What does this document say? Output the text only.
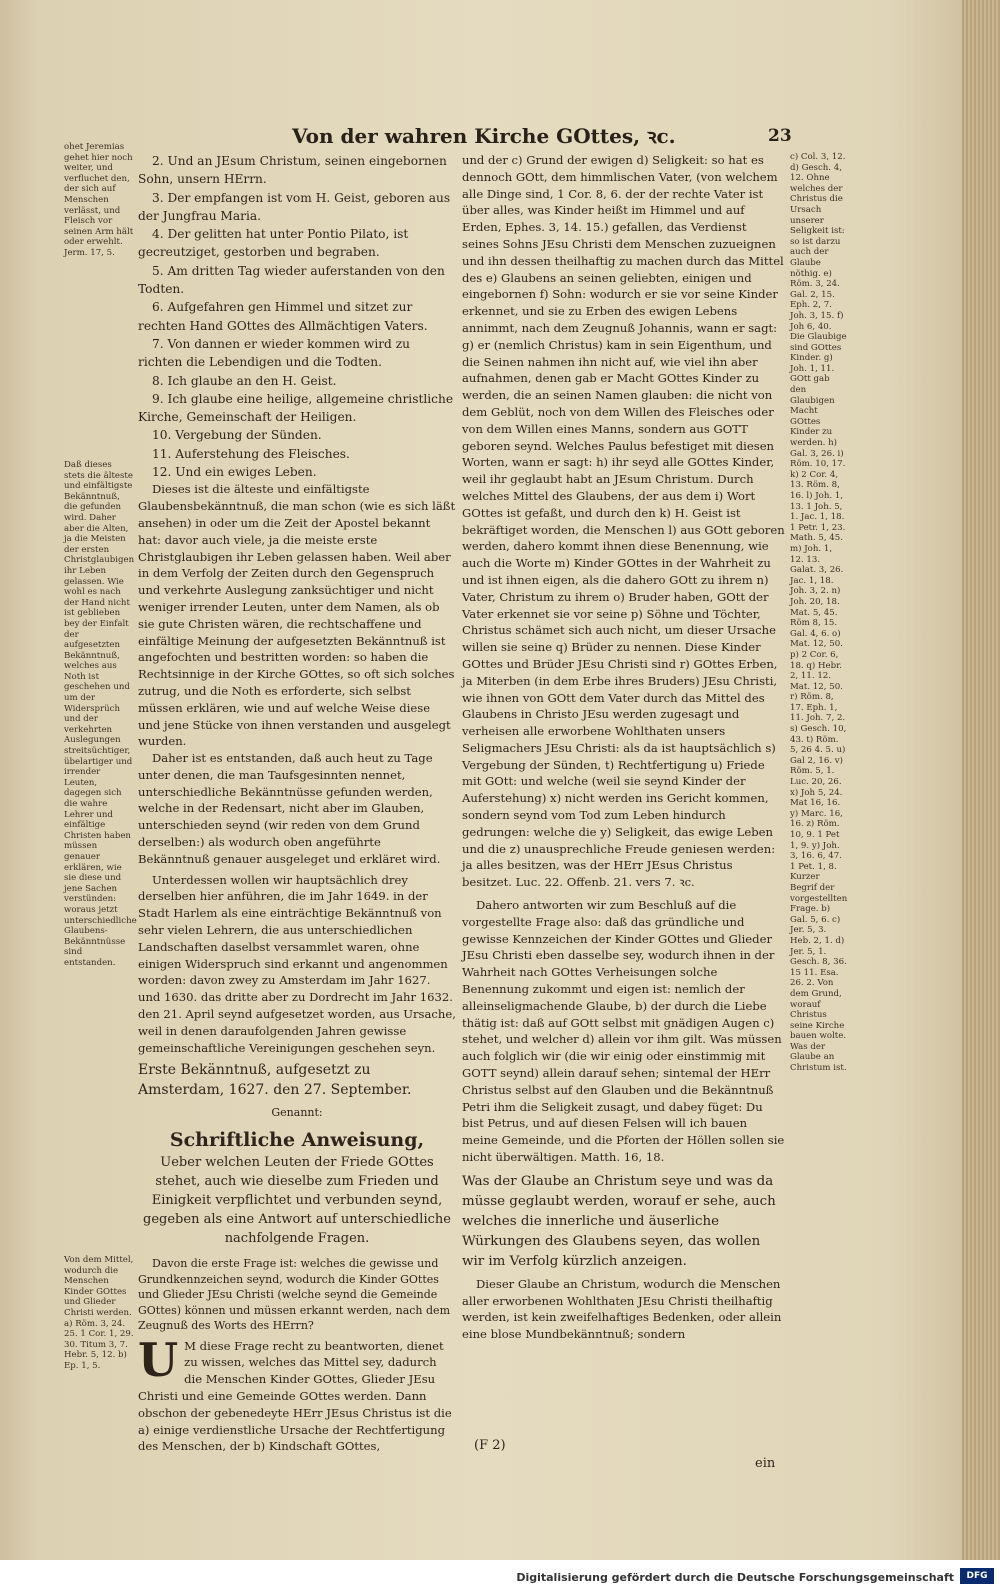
Von der wahren Kirche GOttes, ꝛc.	23
ohet Jeremias gehet hier noch weiter, und verfluchet den, der sich auf Menschen verlässt, und Fleisch vor seinen Arm hält oder erwehlt. Jerm. 17, 5.
Daß dieses stets die älteste und einfältigste Bekänntnuß, die gefunden wird. Daher aber die Alten, ja die Meisten der ersten Christglaubigen ihr Leben gelassen. Wie wohl es nach der Hand nicht ist geblieben bey der Einfalt der aufgesetzten Bekänntnuß, welches aus Noth ist geschehen und um der Widersprüch und der verkehrten Auslegungen streitsüchtiger, übelartiger und irrender Leuten, dagegen sich die wahre Lehrer und einfältige Christen haben müssen genauer erklären, wie sie diese und jene Sachen verstünden: woraus jetzt unterschiedliche Glaubens-Bekänntnüsse sind entstanden.
Von dem Mittel, wodurch die Menschen Kinder GOttes und Glieder Christi werden. a) Röm. 3, 24. 25. 1 Cor. 1, 29. 30. Titum 3, 7. Hebr. 5, 12. b) Ep. 1, 5.

2. Und an JEsum Christum, seinen eingebornen Sohn, unsern HErrn.

3. Der empfangen ist vom H. Geist, geboren aus der Jungfrau Maria.

4. Der gelitten hat unter Pontio Pilato, ist gecreutziget, gestorben und begraben.

5. Am dritten Tag wieder auferstanden von den Todten.

6. Aufgefahren gen Himmel und sitzet zur rechten Hand GOttes des Allmächtigen Vaters.

7. Von dannen er wieder kommen wird zu richten die Lebendigen und die Todten.

8. Ich glaube an den H. Geist.

9. Ich glaube eine heilige, allgemeine christliche Kirche, Gemeinschaft der Heiligen.

10. Vergebung der Sünden.

11. Auferstehung des Fleisches.

12. Und ein ewiges Leben.

Dieses ist die älteste und einfältigste Glaubensbekänntnuß, die man schon (wie es sich läßt ansehen) in oder um die Zeit der Apostel bekannt hat: davor auch viele, ja die meiste erste Christglaubigen ihr Leben gelassen haben. Weil aber in dem Verfolg der Zeiten durch den Gegenspruch und verkehrte Auslegung zanksüchtiger und nicht weniger irrender Leuten, unter dem Namen, als ob sie gute Christen wären, die rechtschaffene und einfältige Meinung der aufgesetzten Bekänntnuß ist angefochten und bestritten worden: so haben die Rechtsinnige in der Kirche GOttes, so oft sich solches zutrug, und die Noth es erforderte, sich selbst müssen erklären, wie und auf welche Weise diese und jene Stücke von ihnen verstanden und ausgelegt wurden.

Daher ist es entstanden, daß auch heut zu Tage unter denen, die man Taufsgesinnten nennet, unterschiedliche Bekänntnüsse gefunden werden, welche in der Redensart, nicht aber im Glauben, unterschieden seynd (wir reden von dem Grund derselben:) als wodurch oben angeführte Bekänntnuß genauer ausgeleget und erkläret wird.

Unterdessen wollen wir hauptsächlich drey derselben hier anführen, die im Jahr 1649. in der Stadt Harlem als eine einträchtige Bekänntnuß von sehr vielen Lehrern, die aus unterschiedlichen Landschaften daselbst versammlet waren, ohne einigen Widerspruch sind erkannt und angenommen worden: davon zwey zu Amsterdam im Jahr 1627. und 1630. das dritte aber zu Dordrecht im Jahr 1632. den 21. April seynd aufgesetzet worden, aus Ursache, weil in denen daraufolgenden Jahren gewisse gemeinschaftliche Vereinigungen geschehen seyn.

Erste Bekänntnuß, aufgesetzt zu Amsterdam, 1627. den 27. September.

Genannt:
Schriftliche Anweisung,
Ueber welchen Leuten der Friede GOttes stehet, auch wie dieselbe zum Frieden und Einigkeit verpflichtet und verbunden seynd, gegeben als eine Antwort auf unterschiedliche nachfolgende Fragen.

Davon die erste Frage ist: welches die gewisse und Grundkennzeichen seynd, wodurch die Kinder GOttes und Glieder JEsu Christi (welche seynd die Gemeinde GOttes) können und müssen erkannt werden, nach dem Zeugnuß des Worts des HErrn?

U M diese Frage recht zu beantworten, dienet zu wissen, welches das Mittel sey, dadurch die Menschen Kinder GOttes, Glieder JEsu Christi und eine Gemeinde GOttes werden. Dann obschon der gebenedeyte HErr JEsus Christus ist die a) einige verdienstliche Ursache der Rechtfertigung des Menschen, der b) Kindschaft GOttes,

und der c) Grund der ewigen d) Seligkeit: so hat es dennoch GOtt, dem himmlischen Vater, (von welchem alle Dinge sind, 1 Cor. 8, 6. der der rechte Vater ist über alles, was Kinder heißt im Himmel und auf Erden, Ephes. 3, 14. 15.) gefallen, das Verdienst seines Sohns JEsu Christi dem Menschen zuzueignen und ihn dessen theilhaftig zu machen durch das Mittel des e) Glaubens an seinen geliebten, einigen und eingebornen f) Sohn: wodurch er sie vor seine Kinder erkennet, und sie zu Erben des ewigen Lebens annimmt, nach dem Zeugnuß Johannis, wann er sagt: g) er (nemlich Christus) kam in sein Eigenthum, und die Seinen nahmen ihn nicht auf, wie viel ihn aber aufnahmen, denen gab er Macht GOttes Kinder zu werden, die an seinen Namen glauben: die nicht von dem Geblüt, noch von dem Willen des Fleisches oder von dem Willen eines Manns, sondern aus GOTT geboren seynd. Welches Paulus befestiget mit diesen Worten, wann er sagt: h) ihr seyd alle GOttes Kinder, weil ihr geglaubt habt an JEsum Christum. Durch welches Mittel des Glaubens, der aus dem i) Wort GOttes ist gefaßt, und durch den k) H. Geist ist bekräftiget worden, die Menschen l) aus GOtt geboren werden, dahero kommt ihnen diese Benennung, wie auch die Worte m) Kinder GOttes in der Wahrheit zu und ist ihnen eigen, als die dahero GOtt zu ihrem n) Vater, Christum zu ihrem o) Bruder haben, GOtt der Vater erkennet sie vor seine p) Söhne und Töchter, Christus schämet sich auch nicht, um dieser Ursache willen sie seine q) Brüder zu nennen. Diese Kinder GOttes und Brüder JEsu Christi sind r) GOttes Erben, ja Miterben (in dem Erbe ihres Bruders) JEsu Christi, wie ihnen von GOtt dem Vater durch das Mittel des Glaubens in Christo JEsu werden zugesagt und verheisen alle erworbene Wohlthaten unsers Seligmachers JEsu Christi: als da ist hauptsächlich s) Vergebung der Sünden, t) Rechtfertigung u) Friede mit GOtt: und welche (weil sie seynd Kinder der Auferstehung) x) nicht werden ins Gericht kommen, sondern seynd vom Tod zum Leben hindurch gedrungen: welche die y) Seligkeit, das ewige Leben und die z) unausprechliche Freude geniesen werden: ja alles besitzen, was der HErr JEsus Christus besitzet. Luc. 22. Offenb. 21. vers 7. ꝛc.

Dahero antworten wir zum Beschluß auf die vorgestellte Frage also: daß das gründliche und gewisse Kennzeichen der Kinder GOttes und Glieder JEsu Christi eben dasselbe sey, wodurch ihnen in der Wahrheit nach GOttes Verheisungen solche Benennung zukommt und eigen ist: nemlich der alleinseligmachende Glaube, b) der durch die Liebe thätig ist: daß auf GOtt selbst mit gnädigen Augen c) stehet, und welcher d) allein vor ihm gilt. Was müssen auch folglich wir (die wir einig oder einstimmig mit GOTT seynd) allein darauf sehen; sintemal der HErr Christus selbst auf den Glauben und die Bekänntnuß Petri ihm die Seligkeit zusagt, und dabey füget: Du bist Petrus, und auf diesen Felsen will ich bauen meine Gemeinde, und die Pforten der Höllen sollen sie nicht überwältigen. Matth. 16, 18.

Was der Glaube an Christum seye und was da müsse geglaubt werden, worauf er sehe, auch welches die innerliche und äuserliche Würkungen des Glaubens seyen, das wollen wir im Verfolg kürzlich anzeigen.

Dieser Glaube an Christum, wodurch die Menschen aller erworbenen Wohlthaten JEsu Christi theilhaftig werden, ist kein zweifelhaftiges Bedenken, oder allein eine blose Mundbekänntnuß; sondern

(F 2)
ein
c) Col. 3, 12. d) Gesch. 4, 12. Ohne welches der Christus die Ursach unserer Seligkeit ist: so ist darzu auch der Glaube nöthig. e) Röm. 3, 24. Gal. 2, 15. Eph. 2, 7. Joh. 3, 15. f) Joh 6, 40. Die Glaubige sind GOttes Kinder. g) Joh. 1, 11. GOtt gab den Glaubigen Macht GOttes Kinder zu werden. h) Gal. 3, 26. i) Röm. 10, 17. k) 2 Cor. 4, 13. Röm. 8, 16. l) Joh. 1, 13. 1 Joh. 5, 1. Jac. 1, 18. 1 Petr. 1, 23. Math. 5, 45. m) Joh. 1, 12. 13. Galat. 3, 26. Jac. 1, 18. Joh. 3, 2. n) Joh. 20, 18. Mat. 5, 45. Röm 8, 15. Gal. 4, 6. o) Mat. 12, 50. p) 2 Cor. 6, 18. q) Hebr. 2, 11. 12. Mat. 12, 50. r) Röm. 8, 17. Eph. 1, 11. Joh. 7, 2. s) Gesch. 10, 43. t) Röm. 5, 26 4. 5. u) Gal 2, 16. v) Röm. 5, 1. Luc. 20, 26. x) Joh 5, 24. Mat 16, 16. y) Marc. 16, 16. z) Röm. 10, 9. 1 Pet 1, 9. y) Joh. 3, 16. 6, 47. 1 Pet. 1, 8. Kurzer Begrif der vorgestellten Frage. b) Gal. 5, 6. c) Jer. 5, 3. Heb. 2, 1. d) Jer. 5, 1. Gesch. 8, 36. 15 11. Esa. 26. 2. Von dem Grund, worauf Christus seine Kirche bauen wolte. Was der Glaube an Christum ist.
Digitalisierung gefördert durch die Deutsche Forschungsgemeinschaft	DFG
